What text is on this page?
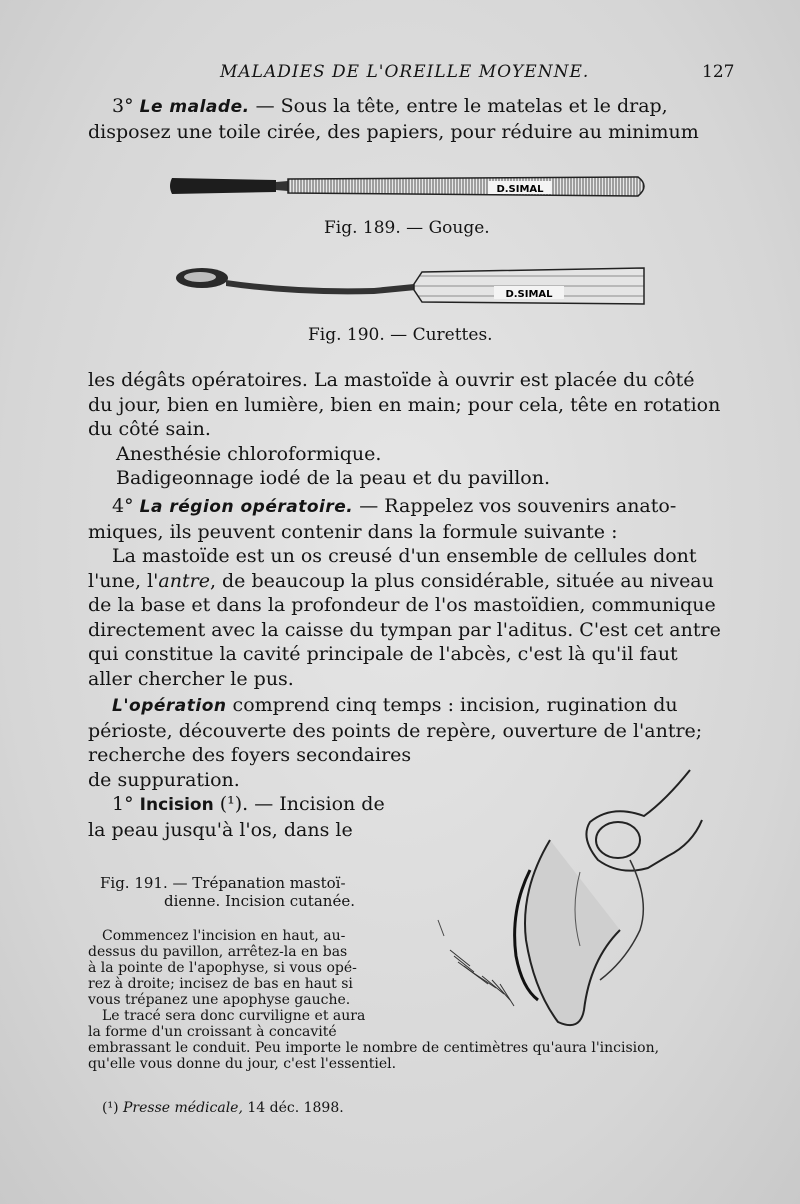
MALADIES DE L'OREILLE MOYENNE.	127

3° Le malade. — Sous la tête, entre le matelas et le drap,
disposez une toile cirée, des papiers, pour réduire au minimum

D.SIMAL
Fig. 189. — Gouge.
D.SIMAL
Fig. 190. — Curettes.

les dégâts opératoires. La mastoïde à ouvrir est placée du côté
du jour, bien en lumière, bien en main; pour cela, tête en rotation
du côté sain.

Anesthésie chloroformique.

Badigeonnage iodé de la peau et du pavillon.

4° La région opératoire. — Rappelez vos souvenirs anato-
miques, ils peuvent contenir dans la formule suivante :

La mastoïde est un os creusé d'un ensemble de cellules dont
l'une, l'antre, de beaucoup la plus considérable, située au niveau
de la base et dans la profondeur de l'os mastoïdien, communique
directement avec la caisse du tympan par l'aditus. C'est cet antre
qui constitue la cavité principale de l'abcès, c'est là qu'il faut
aller chercher le pus.

L'opération comprend cinq temps : incision, rugination du
périoste, découverte des points de repère, ouverture de l'antre;
recherche des foyers secondaires
de suppuration.

1° Incision (¹). — Incision de
la peau jusqu'à l'os, dans le

Fig. 191. — Trépanation mastoï-
dienne. Incision cutanée.
Commencez l'incision en haut, au-
dessus du pavillon, arrêtez-la en bas
à la pointe de l'apophyse, si vous opé-
rez à droite; incisez de bas en haut si
vous trépanez une apophyse gauche.
Le tracé sera donc curviligne et aura
la forme d'un croissant à concavité
embrassant le conduit. Peu importe le nombre de centimètres qu'aura l'incision,
qu'elle vous donne du jour, c'est l'essentiel.
(¹) Presse médicale, 14 déc. 1898.
